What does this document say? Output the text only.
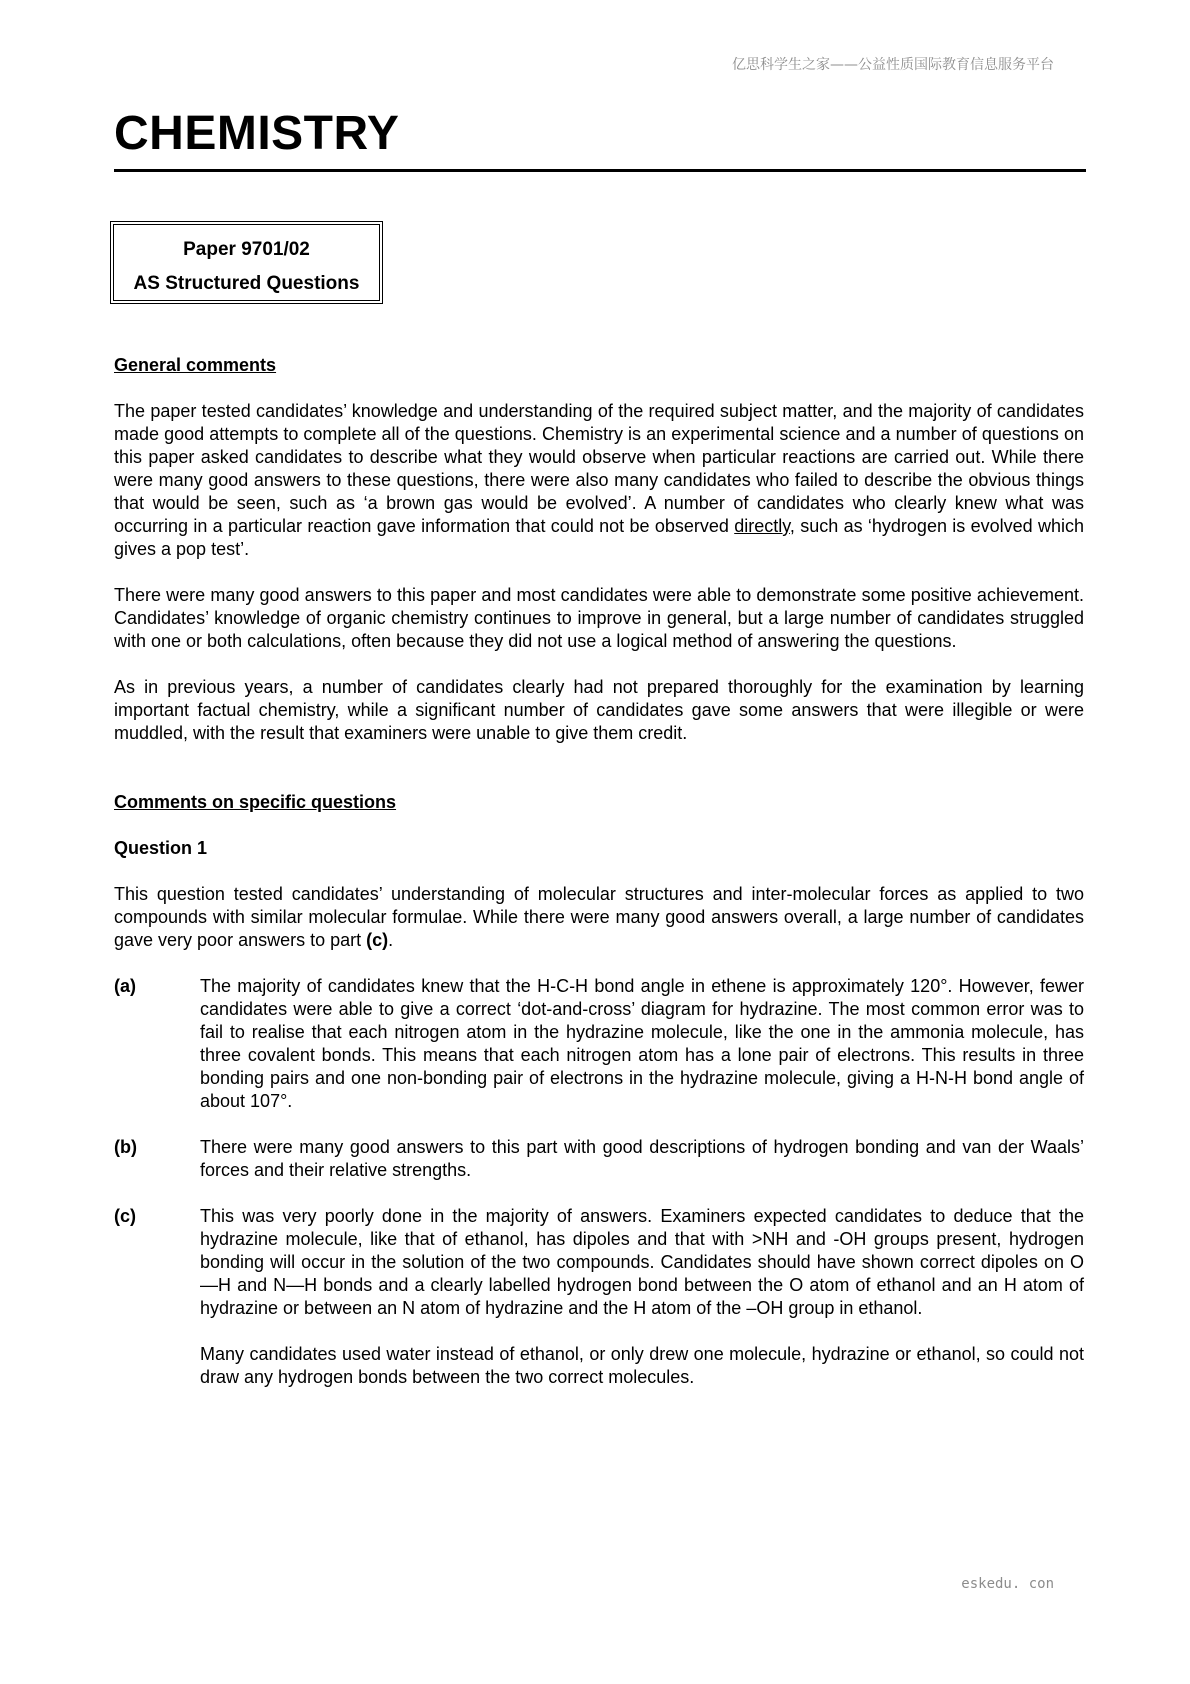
亿思科学生之家——公益性质国际教育信息服务平台
CHEMISTRY
Paper 9701/02
AS Structured Questions

General comments

The paper tested candidates’ knowledge and understanding of the required subject matter, and the majority of candidates made good attempts to complete all of the questions. Chemistry is an experimental science and a number of questions on this paper asked candidates to describe what they would observe when particular reactions are carried out. While there were many good answers to these questions, there were also many candidates who failed to describe the obvious things that would be seen, such as ‘a brown gas would be evolved’. A number of candidates who clearly knew what was occurring in a particular reaction gave information that could not be observed directly, such as ‘hydrogen is evolved which gives a pop test’.

There were many good answers to this paper and most candidates were able to demonstrate some positive achievement. Candidates’ knowledge of organic chemistry continues to improve in general, but a large number of candidates struggled with one or both calculations, often because they did not use a logical method of answering the questions.

As in previous years, a number of candidates clearly had not prepared thoroughly for the examination by learning important factual chemistry, while a significant number of candidates gave some answers that were illegible or were muddled, with the result that examiners were unable to give them credit.

Comments on specific questions

Question 1

This question tested candidates’ understanding of molecular structures and inter-molecular forces as applied to two compounds with similar molecular formulae. While there were many good answers overall, a large number of candidates gave very poor answers to part (c).

(a)	The majority of candidates knew that the H-C-H bond angle in ethene is approximately 120°. However, fewer candidates were able to give a correct ‘dot-and-cross’ diagram for hydrazine. The most common error was to fail to realise that each nitrogen atom in the hydrazine molecule, like the one in the ammonia molecule, has three covalent bonds. This means that each nitrogen atom has a lone pair of electrons. This results in three bonding pairs and one non-bonding pair of electrons in the hydrazine molecule, giving a H-N-H bond angle of about 107°.
(b)	There were many good answers to this part with good descriptions of hydrogen bonding and van der Waals’ forces and their relative strengths.
(c)	This was very poorly done in the majority of answers. Examiners expected candidates to deduce that the hydrazine molecule, like that of ethanol, has dipoles and that with >NH and -OH groups present, hydrogen bonding will occur in the solution of the two compounds. Candidates should have shown correct dipoles on O—H and N—H bonds and a clearly labelled hydrogen bond between the O atom of ethanol and an H atom of hydrazine or between an N atom of hydrazine and the H atom of the –OH group in ethanol.

Many candidates used water instead of ethanol, or only drew one molecule, hydrazine or ethanol, so could not draw any hydrogen bonds between the two correct molecules.

eskedu. con
